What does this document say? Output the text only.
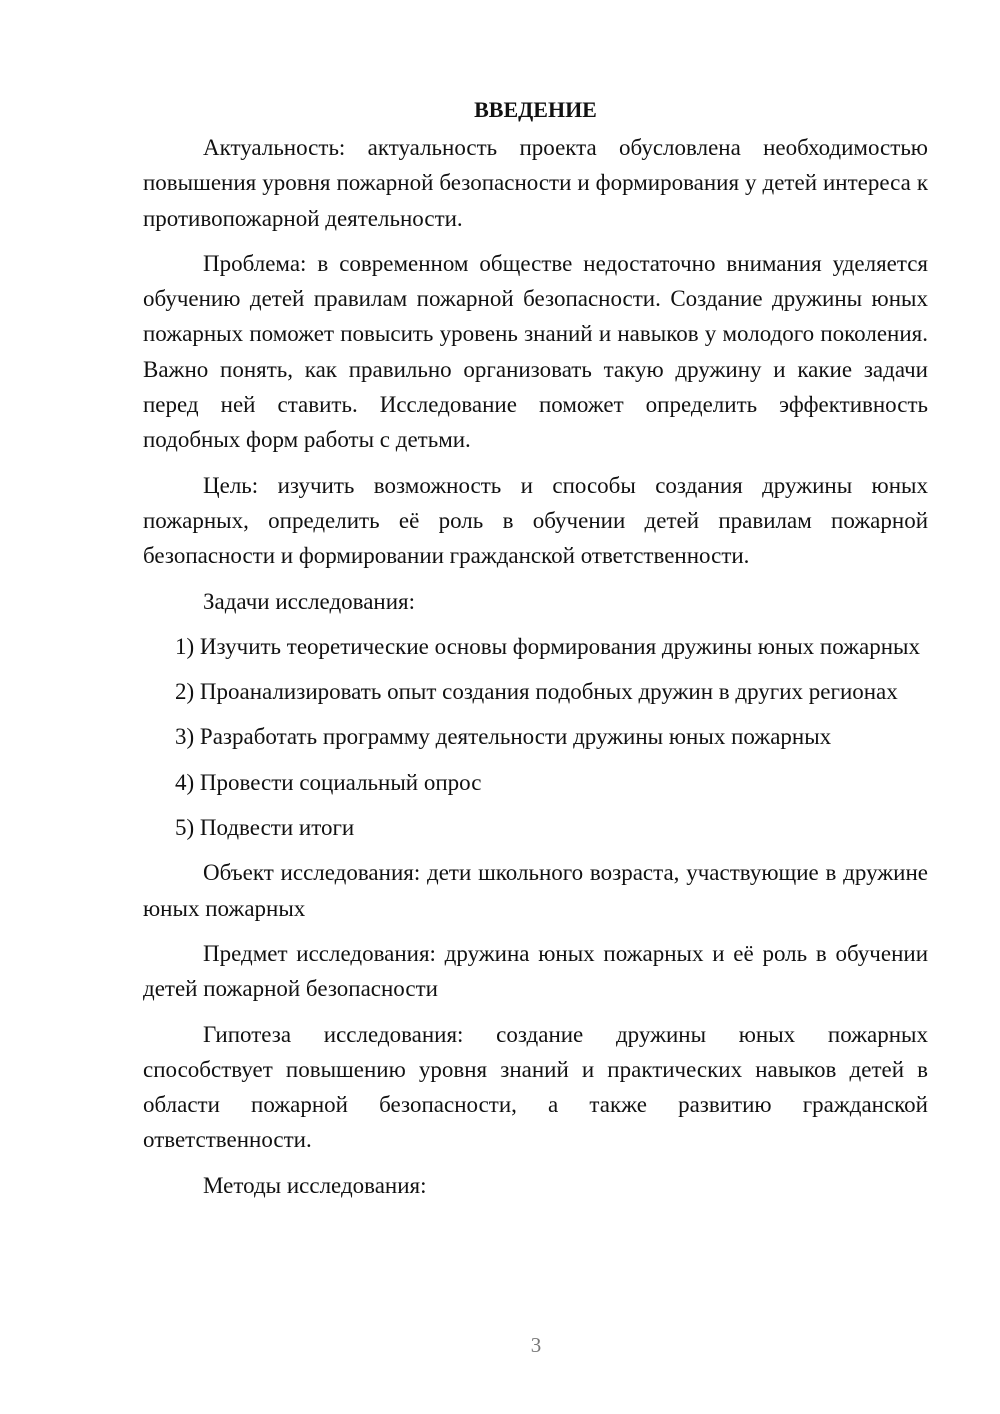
ВВЕДЕНИЕ

Актуальность: актуальность проекта обусловлена необходимостью повышения уровня пожарной безопасности и формирования у детей интереса к противопожарной деятельности.

Проблема: в современном обществе недостаточно внимания уделяется обучению детей правилам пожарной безопасности. Создание дружины юных пожарных поможет повысить уровень знаний и навыков у молодого поколения. Важно понять, как правильно организовать такую дружину и какие задачи перед ней ставить. Исследование поможет определить эффективность подобных форм работы с детьми.

Цель: изучить возможность и способы создания дружины юных пожарных, определить её роль в обучении детей правилам пожарной безопасности и формировании гражданской ответственности.

Задачи исследования:

1) Изучить теоретические основы формирования дружины юных пожарных

2) Проанализировать опыт создания подобных дружин в других регионах

3) Разработать программу деятельности дружины юных пожарных

4) Провести социальный опрос

5) Подвести итоги

Объект исследования: дети школьного возраста, участвующие в дружине юных пожарных

Предмет исследования: дружина юных пожарных и её роль в обучении детей пожарной безопасности

Гипотеза исследования: создание дружины юных пожарных способствует повышению уровня знаний и практических навыков детей в области пожарной безопасности, а также развитию гражданской ответственности.

Методы исследования:

3
